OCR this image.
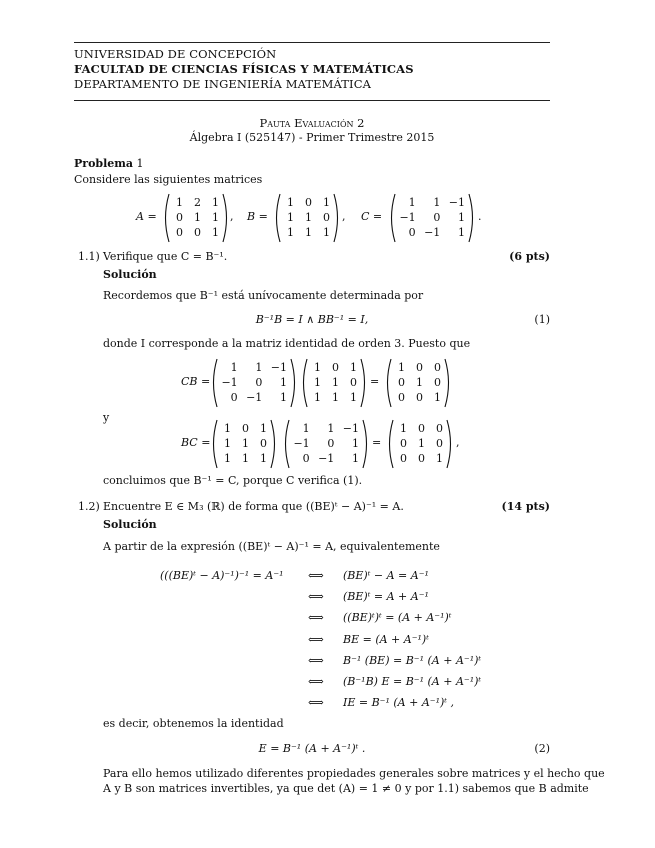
UNIVERSIDAD DE CONCEPCIÓN
FACULTAD DE CIENCIAS FÍSICAS Y MATEMÁTICAS
DEPARTAMENTO DE INGENIERÍA MATEMÁTICA
Pauta Evaluación 2
Álgebra I (525147) - Primer Trimestre 2015
Problema 1
Considere las siguientes matrices
A =
1	2	1
0	1	1
0	0	1
, B =
1	0	1
1	1	0
1	1	1
, C =
1	1 −1
−1	0	1
0 −1	1
.
1.1) Verifique que C = B⁻¹.	(6 pts)
Solución
Recordemos que B⁻¹ está unívocamente determinada por
B⁻¹B = I ∧ BB⁻¹ = I,	(1)
donde I corresponde a la matriz identidad de orden 3. Puesto que
CB =
1	1 −1
−1	0	1
0 −1	1
1	0	1
1	1	0
1	1	1
=
1	0	0
0	1	0
0	0	1
y
BC =
1	0	1
1	1	0
1	1	1
1	1 −1
−1	0	1
0 −1	1
=
1	0	0
0	1	0
0	0	1
,
concluimos que B⁻¹ = C, porque C verifica (1).
1.2) Encuentre E ∈ M₃ (ℝ) de forma que ((BE)ᵗ − A)⁻¹ = A.	(14 pts)
Solución
A partir de la expresión ((BE)ᵗ − A)⁻¹ = A, equivalentemente
(((BE)ᵗ − A)⁻¹)⁻¹ = A⁻¹ ⟺ (BE)ᵗ − A = A⁻¹
⟺ (BE)ᵗ = A + A⁻¹
⟺ ((BE)ᵗ)ᵗ = (A + A⁻¹)ᵗ
⟺ BE = (A + A⁻¹)ᵗ
⟺ B⁻¹ (BE) = B⁻¹ (A + A⁻¹)ᵗ
⟺ (B⁻¹B) E = B⁻¹ (A + A⁻¹)ᵗ
⟺ IE = B⁻¹ (A + A⁻¹)ᵗ ,
es decir, obtenemos la identidad
E = B⁻¹ (A + A⁻¹)ᵗ .	(2)
Para ello hemos utilizado diferentes propiedades generales sobre matrices y el hecho que
A y B son matrices invertibles, ya que det (A) = 1 ≠ 0 y por 1.1) sabemos que B admite
